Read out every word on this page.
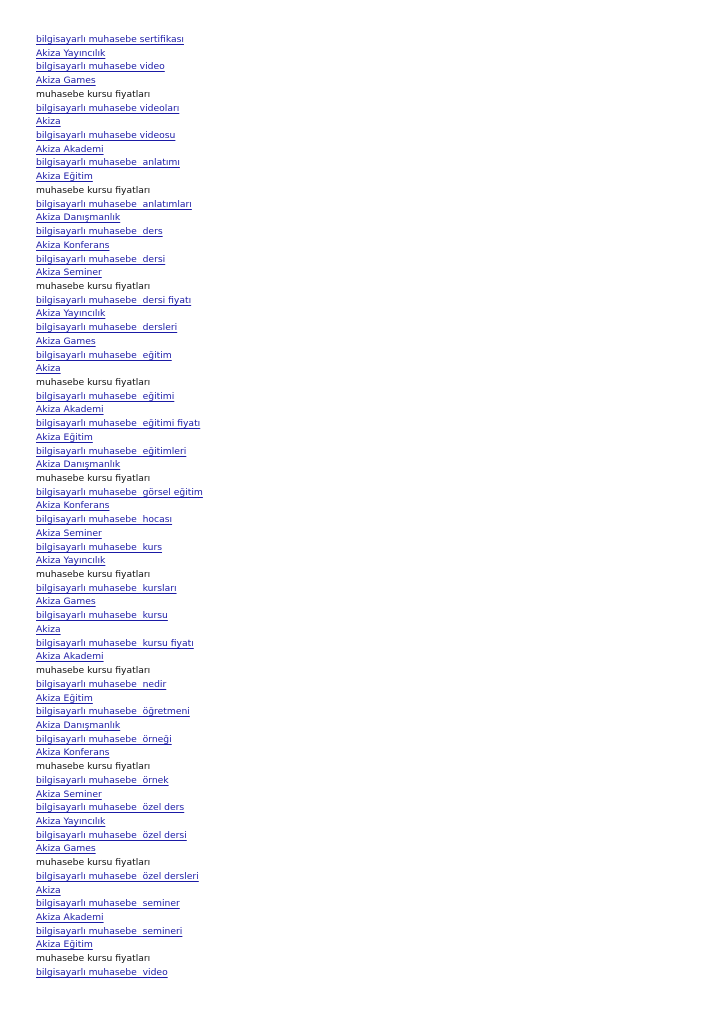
bilgisayarlı muhasebe sertifikası
Akiza Yayıncılık
bilgisayarlı muhasebe video
Akiza Games
muhasebe kursu fiyatları
bilgisayarlı muhasebe videoları
Akiza
bilgisayarlı muhasebe videosu
Akiza Akademi
bilgisayarlı muhasebe  anlatımı
Akiza Eğitim
muhasebe kursu fiyatları
bilgisayarlı muhasebe  anlatımları
Akiza Danışmanlık
bilgisayarlı muhasebe  ders
Akiza Konferans
bilgisayarlı muhasebe  dersi
Akiza Seminer
muhasebe kursu fiyatları
bilgisayarlı muhasebe  dersi fiyatı
Akiza Yayıncılık
bilgisayarlı muhasebe  dersleri
Akiza Games
bilgisayarlı muhasebe  eğitim
Akiza
muhasebe kursu fiyatları
bilgisayarlı muhasebe  eğitimi
Akiza Akademi
bilgisayarlı muhasebe  eğitimi fiyatı
Akiza Eğitim
bilgisayarlı muhasebe  eğitimleri
Akiza Danışmanlık
muhasebe kursu fiyatları
bilgisayarlı muhasebe  görsel eğitim
Akiza Konferans
bilgisayarlı muhasebe  hocası
Akiza Seminer
bilgisayarlı muhasebe  kurs
Akiza Yayıncılık
muhasebe kursu fiyatları
bilgisayarlı muhasebe  kursları
Akiza Games
bilgisayarlı muhasebe  kursu
Akiza
bilgisayarlı muhasebe  kursu fiyatı
Akiza Akademi
muhasebe kursu fiyatları
bilgisayarlı muhasebe  nedir
Akiza Eğitim
bilgisayarlı muhasebe  öğretmeni
Akiza Danışmanlık
bilgisayarlı muhasebe  örneği
Akiza Konferans
muhasebe kursu fiyatları
bilgisayarlı muhasebe  örnek
Akiza Seminer
bilgisayarlı muhasebe  özel ders
Akiza Yayıncılık
bilgisayarlı muhasebe  özel dersi
Akiza Games
muhasebe kursu fiyatları
bilgisayarlı muhasebe  özel dersleri
Akiza
bilgisayarlı muhasebe  seminer
Akiza Akademi
bilgisayarlı muhasebe  semineri
Akiza Eğitim
muhasebe kursu fiyatları
bilgisayarlı muhasebe  video
